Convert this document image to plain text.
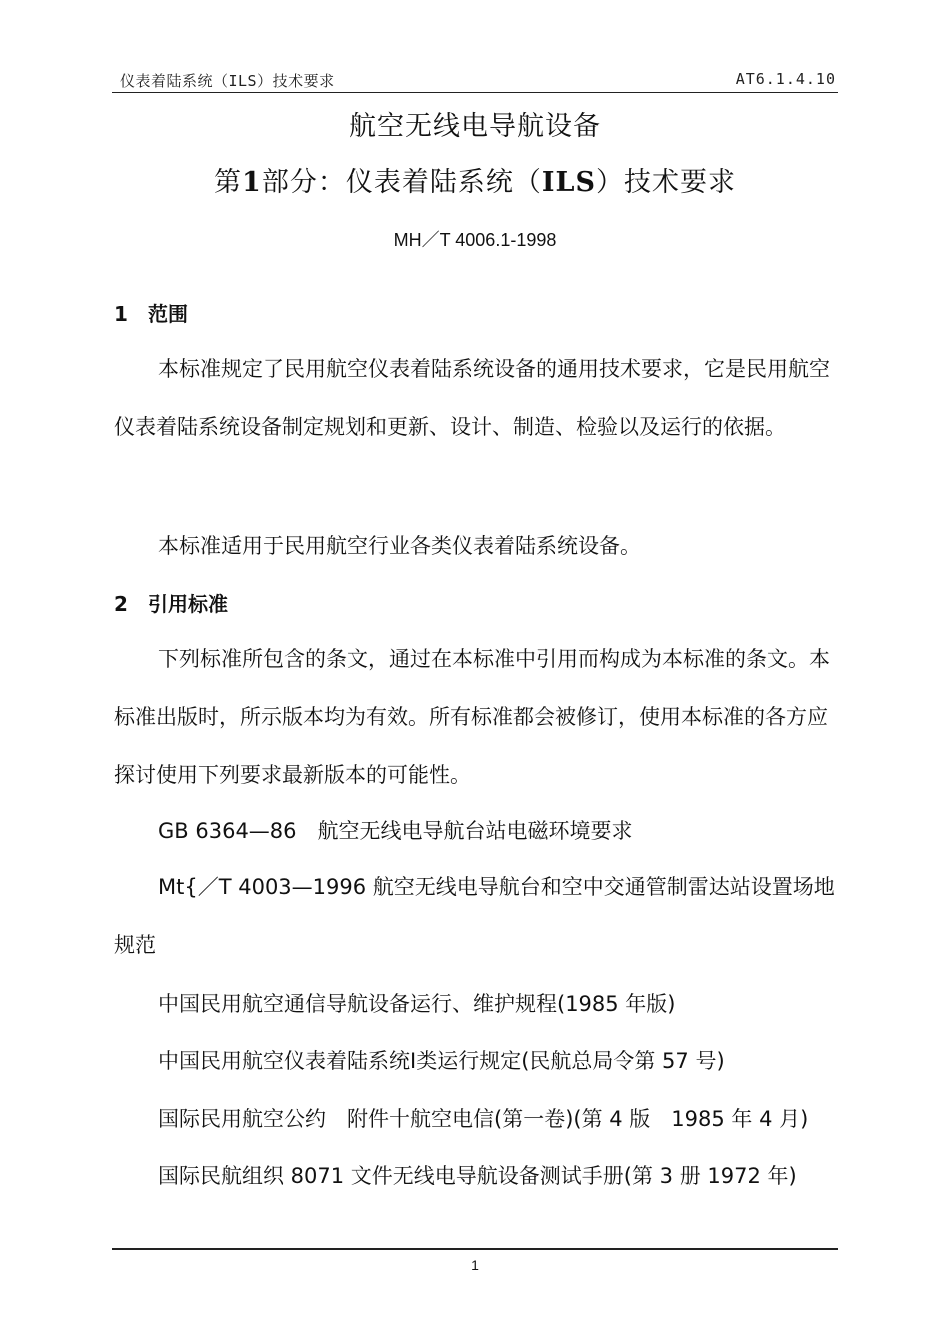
仪表着陆系统（ILS）技术要求	AT6.1.4.10
航空无线电导航设备
第1部分：仪表着陆系统（ILS）技术要求
MH／T 4006.1-1998
1 范围

本标准规定了民用航空仪表着陆系统设备的通用技术要求，它是民用航空仪表着陆系统设备制定规划和更新、设计、制造、检验以及运行的依据。

本标准适用于民用航空行业各类仪表着陆系统设备。
2 引用标准

下列标准所包含的条文，通过在本标准中引用而构成为本标准的条文。本标准出版时，所示版本均为有效。所有标准都会被修订，使用本标准的各方应探讨使用下列要求最新版本的可能性。

GB 6364—86　航空无线电导航台站电磁环境要求

Mt{／T 4003—1996 航空无线电导航台和空中交通管制雷达站设置场地规范

中国民用航空通信导航设备运行、维护规程(1985 年版)
中国民用航空仪表着陆系统Ⅰ类运行规定(民航总局令第 57 号)
国际民用航空公约　附件十航空电信(第一卷)(第 4 版　1985 年 4 月)
国际民航组织 8071 文件无线电导航设备测试手册(第 3 册 1972 年)
1
